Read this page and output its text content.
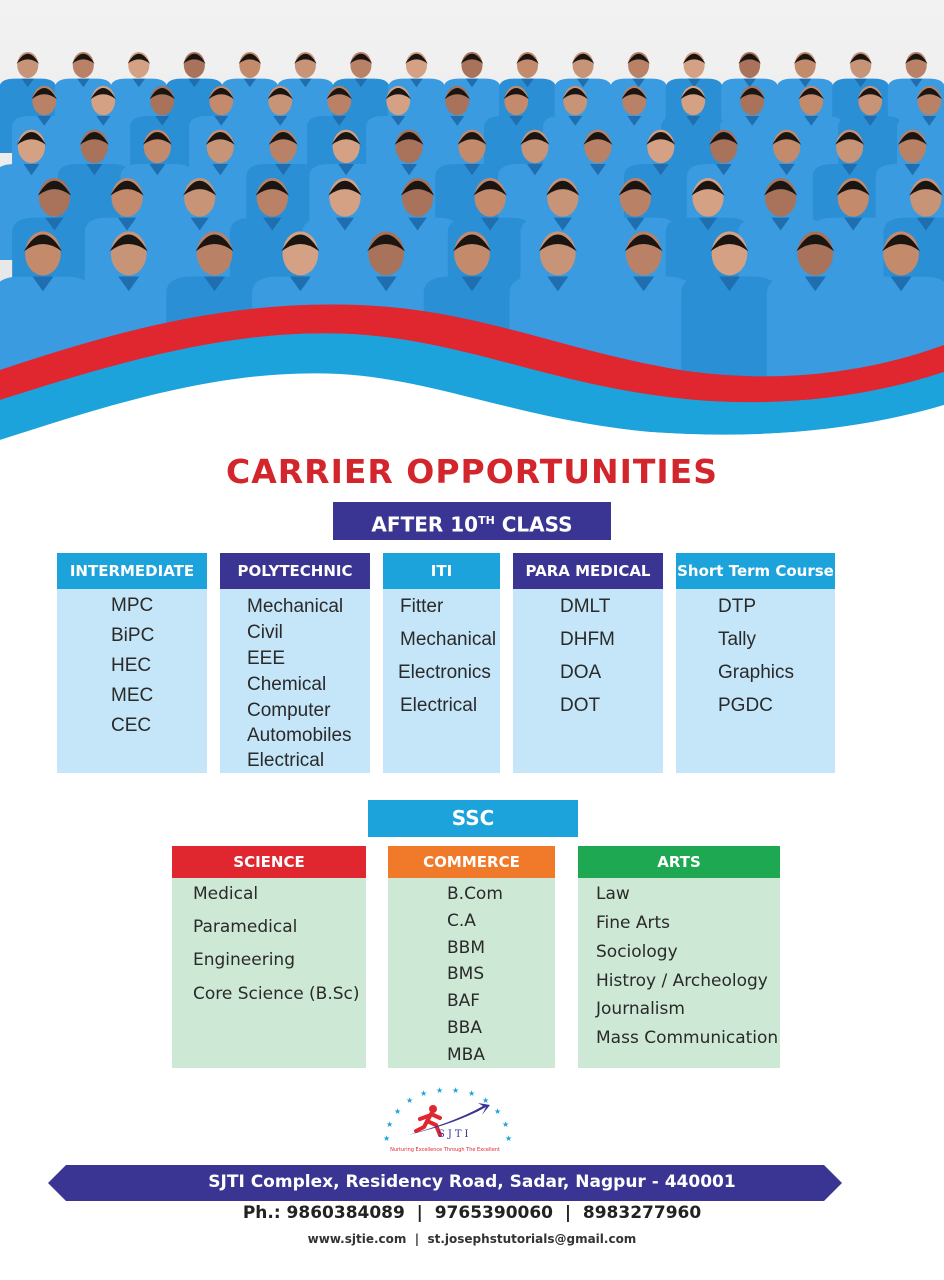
CARRIER OPPORTUNITIES
AFTER 10TH CLASS
INTERMEDIATE
MPC
BiPC
HEC
MEC
CEC
POLYTECHNIC
Mechanical
Civil
EEE
Chemical
Computer
Automobiles
Electrical
ITI
Fitter
Mechanical
Electronics
Electrical
PARA MEDICAL
DMLT
DHFM
DOA
DOT
Short Term Course
DTP
Tally
Graphics
PGDC
SSC
SCIENCE
Medical
Paramedical
Engineering
Core Science (B.Sc)
COMMERCE
B.Com
C.A
BBM
BMS
BAF
BBA
MBA
ARTS
Law
Fine Arts
Sociology
Histroy / Archeology
Journalism
Mass Communication
★
★
★
★
★ ★ ★ ★
★
★
★
★
SJTI
Nurturing Excellence Through The Excellent
SJTI Complex, Residency Road, Sadar, Nagpur - 440001
Ph.: 9860384089  |  9765390060  |  8983277960
www.sjtie.com  |  st.josephstutorials@gmail.com
